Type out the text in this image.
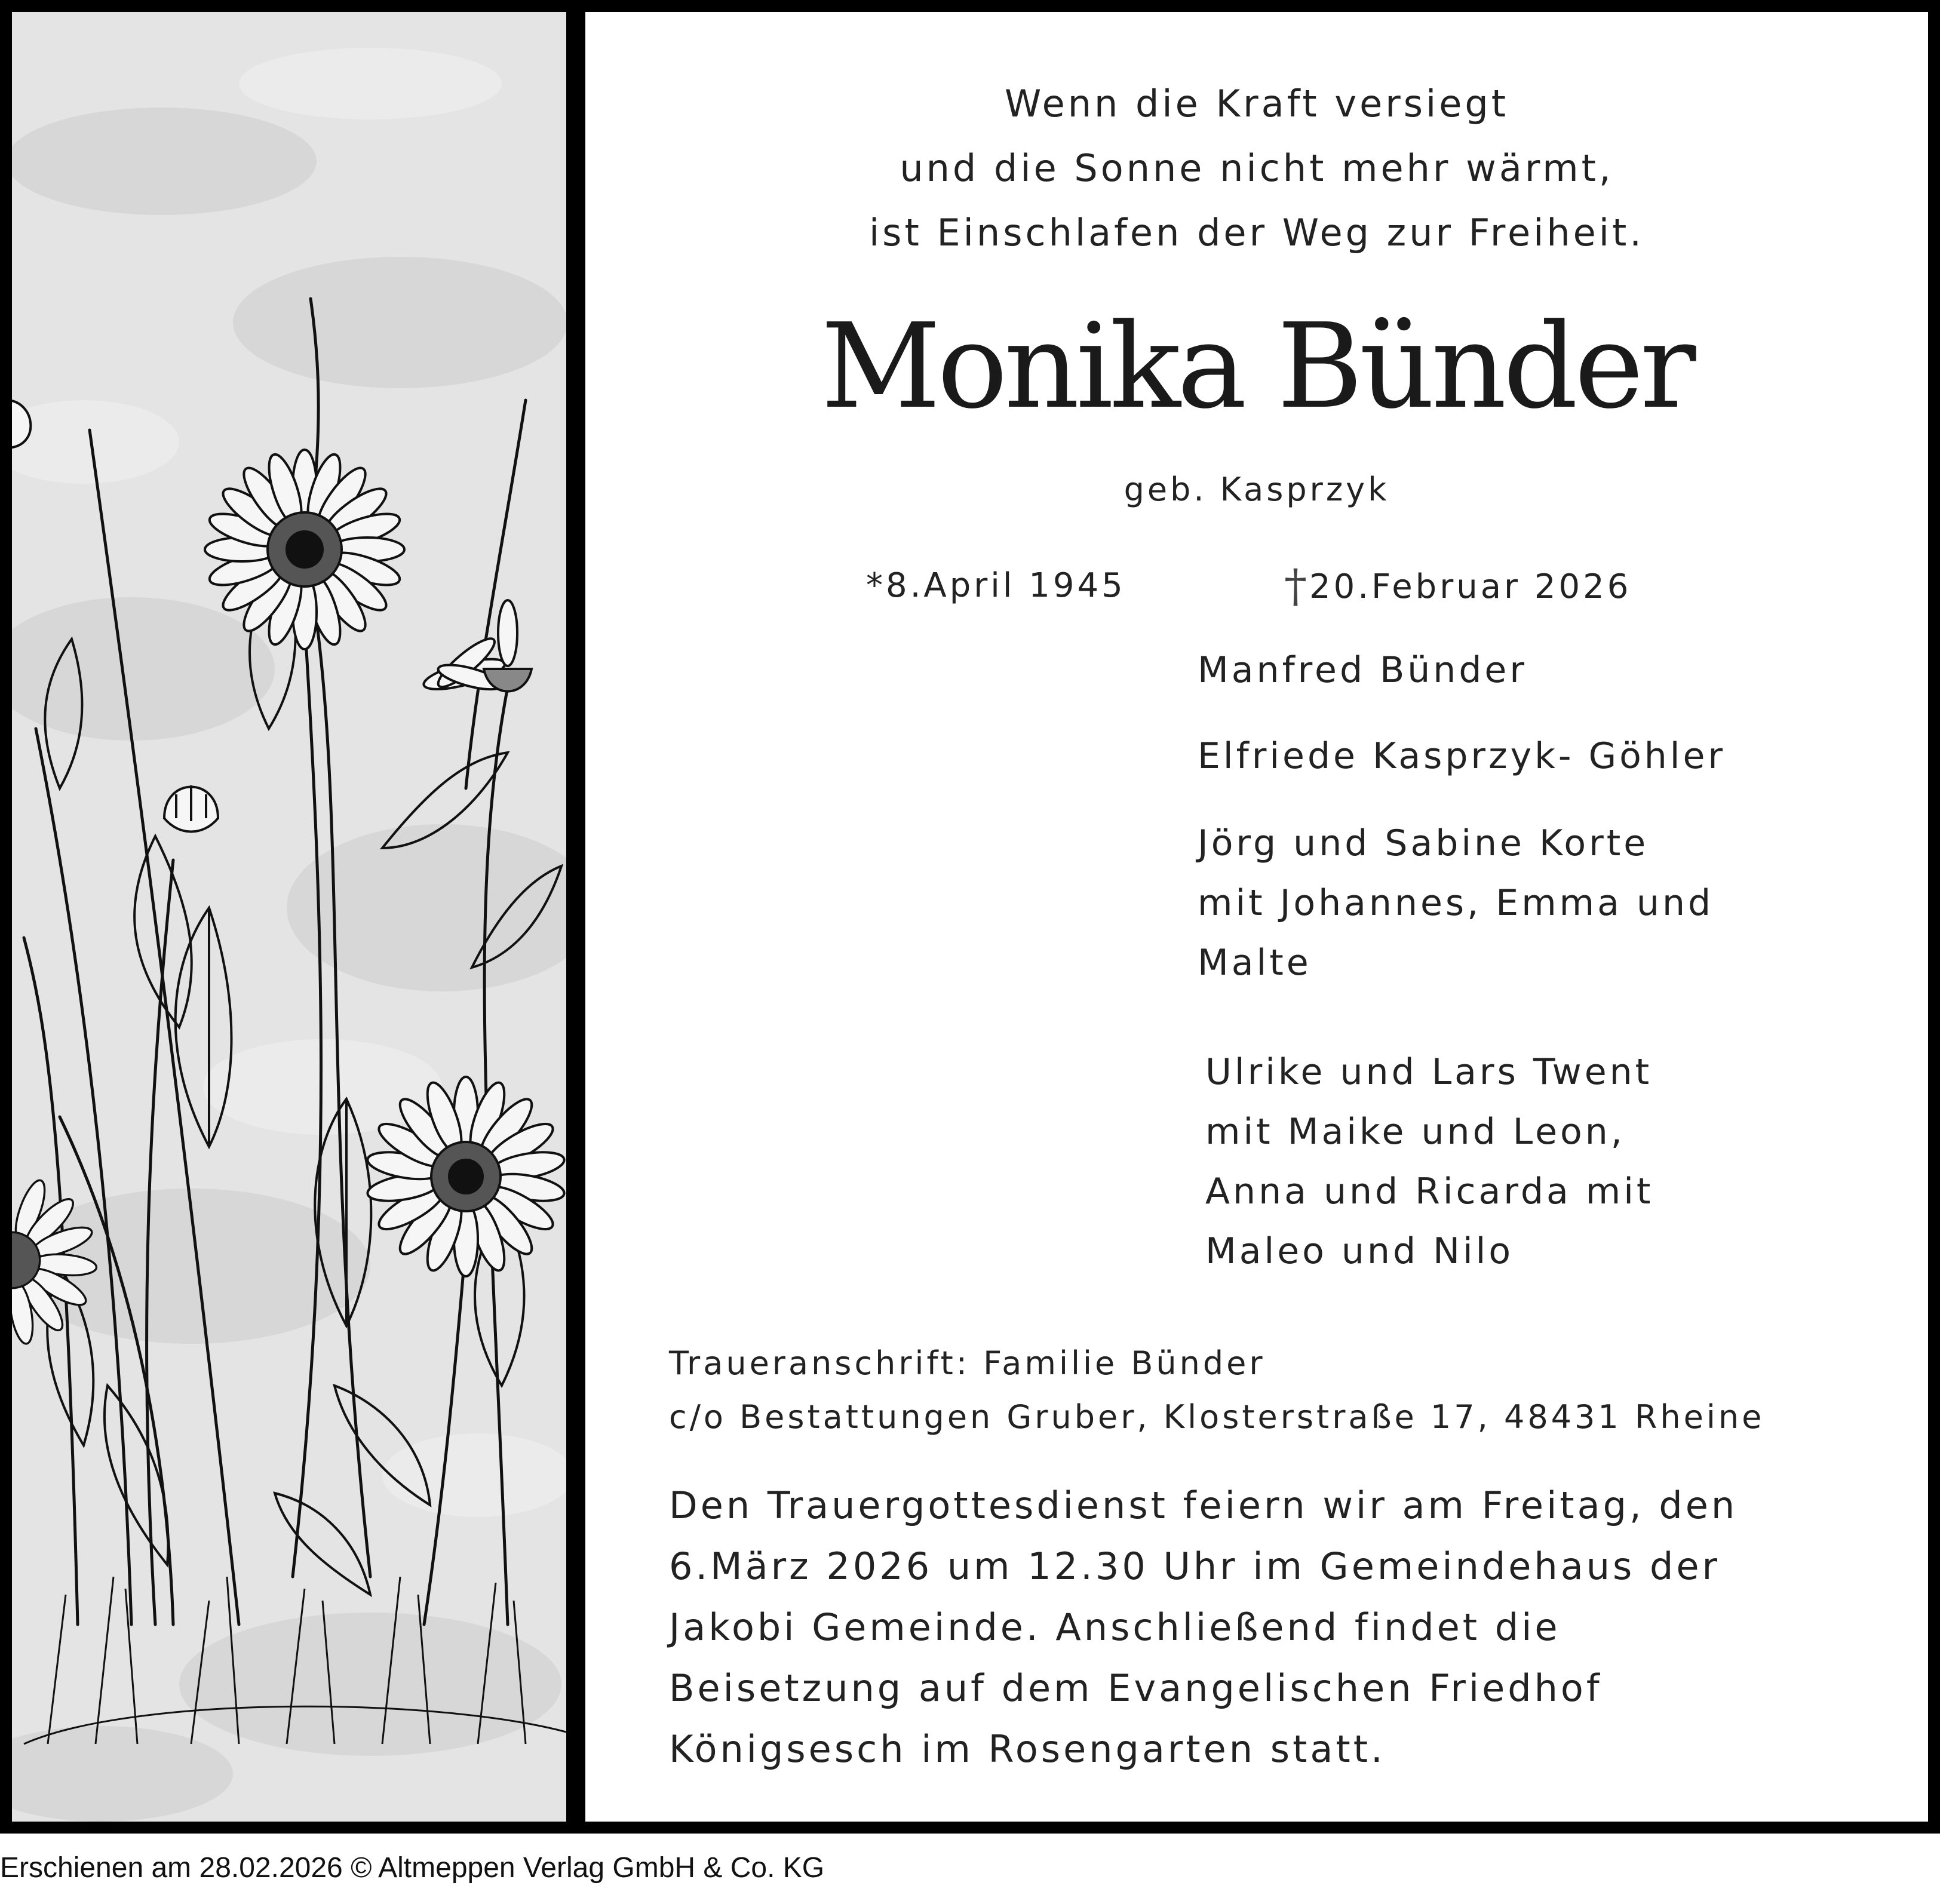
Wenn die Kraft versiegt
und die Sonne nicht mehr wärmt,
ist Einschlafen der Weg zur Freiheit.
Monika Bünder
geb. Kasprzyk
*8.April 1945	†20.Februar 2026
Manfred Bünder
Elfriede Kasprzyk- Göhler
Jörg und Sabine Korte
mit Johannes, Emma und
Malte
Ulrike und Lars Twent
mit Maike und Leon,
Anna und Ricarda mit
Maleo und Nilo
Traueranschrift: Familie Bünder
c/o Bestattungen Gruber, Klosterstraße 17, 48431 Rheine
Den Trauergottesdienst feiern wir am Freitag, den
6.März 2026 um 12.30 Uhr im Gemeindehaus der
Jakobi Gemeinde. Anschließend findet die
Beisetzung auf dem Evangelischen Friedhof
Königsesch im Rosengarten statt.
Erschienen am 28.02.2026 © Altmeppen Verlag GmbH & Co. KG
